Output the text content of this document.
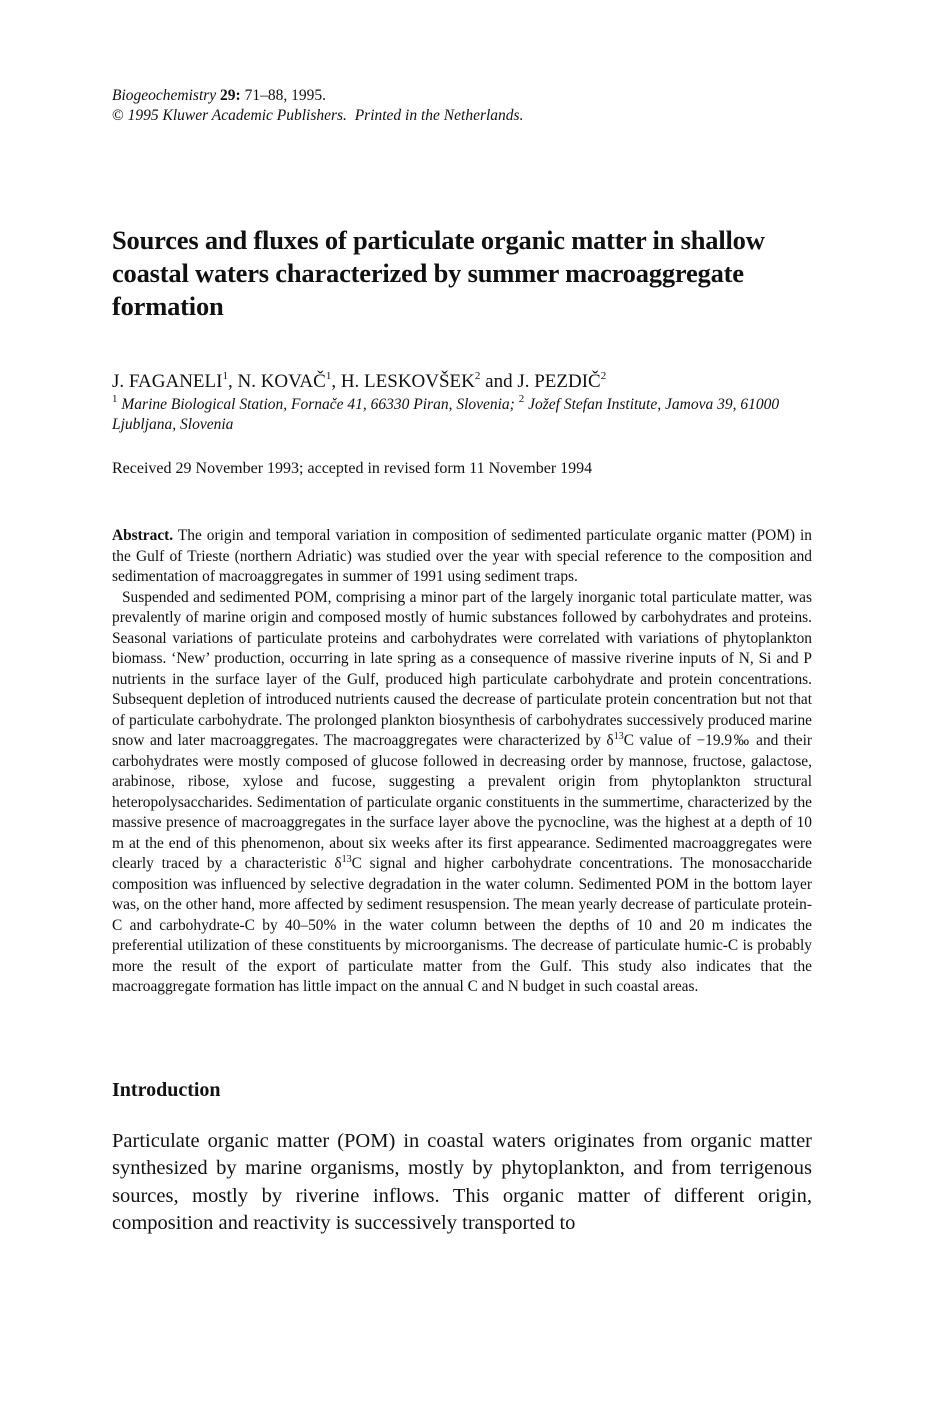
Biogeochemistry 29: 71–88, 1995.
© 1995 Kluwer Academic Publishers. Printed in the Netherlands.
Sources and fluxes of particulate organic matter in shallow coastal waters characterized by summer macroaggregate formation
J. FAGANELI$^1$, N. KOVAČ$^1$, H. LESKOVŠEK$^2$ and J. PEZDIČ$^2$
$^1$ Marine Biological Station, Fornače 41, 66330 Piran, Slovenia; $^2$ Jožef Stefan Institute, Jamova 39, 61000 Ljubljana, Slovenia
Received 29 November 1993; accepted in revised form 11 November 1994

Abstract. The origin and temporal variation in composition of sedimented particulate organic matter (POM) in the Gulf of Trieste (northern Adriatic) was studied over the year with special reference to the composition and sedimentation of macroaggregates in summer of 1991 using sediment traps.

Suspended and sedimented POM, comprising a minor part of the largely inorganic total particulate matter, was prevalently of marine origin and composed mostly of humic substances followed by carbohydrates and proteins. Seasonal variations of particulate proteins and carbohydrates were correlated with variations of phytoplankton biomass. ‘New’ production, occurring in late spring as a consequence of massive riverine inputs of N, Si and P nutrients in the surface layer of the Gulf, produced high particulate carbohydrate and protein concentrations. Subsequent depletion of introduced nutrients caused the decrease of particulate protein concentration but not that of particulate carbohydrate. The prolonged plankton biosynthesis of carbohydrates successively produced marine snow and later macroaggregates. The macroaggregates were characterized by $\delta^{13}C$ value of −19.9‰ and their carbohydrates were mostly composed of glucose followed in decreasing order by mannose, fructose, galactose, arabinose, ribose, xylose and fucose, suggesting a prevalent origin from phytoplankton structural heteropolysaccharides. Sedimentation of particulate organic constituents in the summertime, characterized by the massive presence of macroaggregates in the surface layer above the pycnocline, was the highest at a depth of 10 m at the end of this phenomenon, about six weeks after its first appearance. Sedimented macroaggregates were clearly traced by a characteristic $\delta^{13}C$ signal and higher carbohydrate concentrations. The monosaccharide composition was influenced by selective degradation in the water column. Sedimented POM in the bottom layer was, on the other hand, more affected by sediment resuspension. The mean yearly decrease of particulate protein-C and carbohydrate-C by 40–50% in the water column between the depths of 10 and 20 m indicates the preferential utilization of these constituents by microorganisms. The decrease of particulate humic-C is probably more the result of the export of particulate matter from the Gulf. This study also indicates that the macroaggregate formation has little impact on the annual C and N budget in such coastal areas.

Introduction

Particulate organic matter (POM) in coastal waters originates from organic matter synthesized by marine organisms, mostly by phytoplankton, and from terrigenous sources, mostly by riverine inflows. This organic matter of different origin, composition and reactivity is successively transported to
